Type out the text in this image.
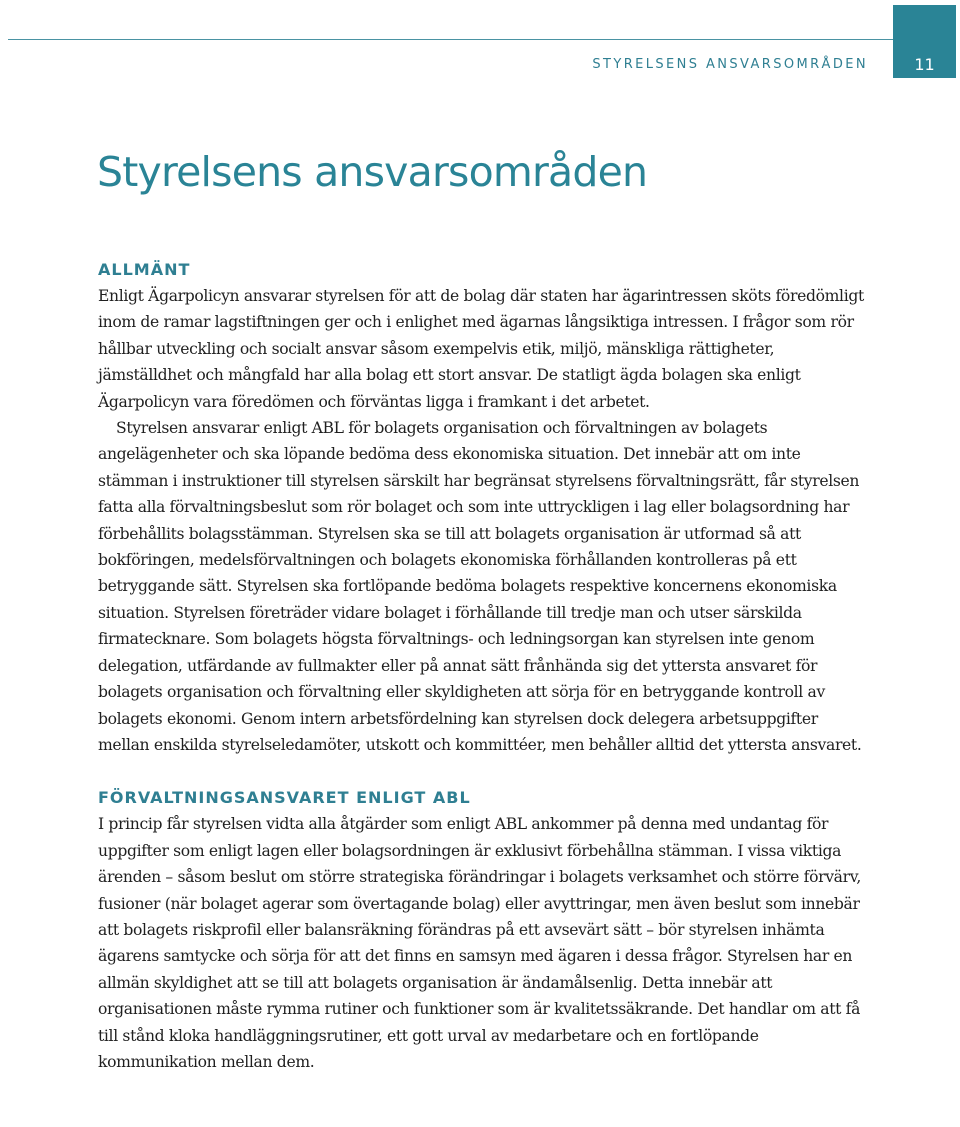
STYRELSENS ANSVARSOMRÅDEN	11
Styrelsens ansvarsområden
ALLMÄNT

Enligt Ägarpolicyn ansvarar styrelsen för att de bolag där staten har ägarintressen sköts föredömligt inom de ramar lagstiftningen ger och i enlighet med ägarnas långsiktiga intressen. I frågor som rör hållbar utveckling och socialt ansvar såsom exempelvis etik, miljö, mänskliga rättigheter, jämställdhet och mångfald har alla bolag ett stort ansvar. De statligt ägda bolagen ska enligt Ägarpolicyn vara föredömen och förväntas ligga i framkant i det arbetet.

Styrelsen ansvarar enligt ABL för bolagets organisation och förvaltningen av bolagets angelägenheter och ska löpande bedöma dess ekonomiska situation. Det innebär att om inte stämman i instruktioner till styrelsen särskilt har begränsat styrelsens förvaltningsrätt, får styrelsen fatta alla förvaltningsbeslut som rör bolaget och som inte uttryckligen i lag eller bolagsordning har förbehållits bolagsstämman. Styrelsen ska se till att bolagets organisation är utformad så att bokföringen, medelsförvaltningen och bolagets ekonomiska förhållanden kontrolleras på ett betryggande sätt. Styrelsen ska fortlöpande bedöma bolagets respektive koncernens ekonomiska situation. Styrelsen företräder vidare bolaget i förhållande till tredje man och utser särskilda firmatecknare. Som bolagets högsta förvaltnings- och ledningsorgan kan styrelsen inte genom delegation, utfärdande av fullmakter eller på annat sätt frånhända sig det yttersta ansvaret för bolagets organisation och förvaltning eller skyldigheten att sörja för en betryggande kontroll av bolagets ekonomi. Genom intern arbetsfördelning kan styrelsen dock delegera arbetsuppgifter mellan enskilda styrelseledamöter, utskott och kommittéer, men behåller alltid det yttersta ansvaret.

FÖRVALTNINGSANSVARET ENLIGT ABL

I princip får styrelsen vidta alla åtgärder som enligt ABL ankommer på denna med undantag för uppgifter som enligt lagen eller bolagsordningen är exklusivt förbehållna stämman. I vissa viktiga ärenden – såsom beslut om större strategiska förändringar i bolagets verksamhet och större förvärv, fusioner (när bolaget agerar som övertagande bolag) eller avyttringar, men även beslut som innebär att bolagets riskprofil eller balansräkning förändras på ett avsevärt sätt – bör styrelsen inhämta ägarens samtycke och sörja för att det finns en samsyn med ägaren i dessa frågor. Styrelsen har en allmän skyldighet att se till att bolagets organisation är ändamålsenlig. Detta innebär att organisationen måste rymma rutiner och funktioner som är kvalitetssäkrande. Det handlar om att få till stånd kloka handläggningsrutiner, ett gott urval av medarbetare och en fortlöpande kommunikation mellan dem.
